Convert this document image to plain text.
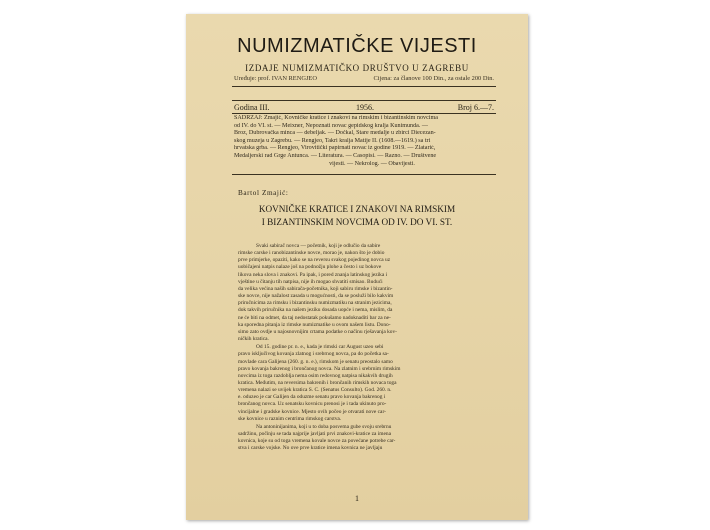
NUMIZMATIČKE VIJESTI
IZDAJE NUMIZMATIČKO DRUŠTVO U ZAGREBU
Uređuje: prof. IVAN RENGJEO	Cijena: za članove 100 Din., za ostale 200 Din.
Godina III.	1956.	Broj 6.—7.
SADRŽAJ: Zmajić, Kovničke kratice i znakovi na rimskim i bizantinskim novcima
od IV. do VI. st. — Meixner, Nepoznati novac gepidskog kralja Kunimunda. —
Broz, Dubrovačka minca — debeljak. — Dočkal, Stare medalje u zbirci Diecezan-
skog muzeja u Zagrebu. — Rengjeo, Takri kralja Matije II. (1608.—1619.) sa tri
hrvatska grba. — Rengjeo, Virovitički papirnati novac iz godine 1919. — Zlatarić,
Medaljerski rad Grge Antunca. — Literatura. — Časopisi. — Razno. — Društvene
vijesti. — Nekrolog. — Obavijesti.
Bartol Zmajić:
KOVNIČKE KRATICE I ZNAKOVI NA RIMSKIM
I BIZANTINSKIM NOVCIMA OD IV. DO VI. ST.
Svaki sabirač novca — početnik, koji je odlučio da sabire
rimske carske i ranobizantinske novce, morao je, nakon što je dobio
prve primjerke, opaziti, kako se na reversu svakog pojedinog novca uz
uobičajeni natpis nalaze još na podnožju plohe a često i uz bokove
likova neka slova i znakovi. Pa ipak, i pored znanja latinskog jezika i
vještine u čitanju tih natpisa, nije ih mogao shvatiti smisao. Budući
da velika većina naših sabirača-početnika, koji sabiru rimske i bizantin-
ske novce, nije nažalost zasada u mogućnosti, da se posluži bilo kakvim
priručnicima za rimsku i bizantinsku numizmatiku na stranim jezicima,
dok takvih priručnika na našem jeziku dosada uopće i nema, mislim, da
ne će biti na odmet, da taj nedostatak pokušamo nadoknaditi bar za ne-
ka sporedna pitanja iz rimske numizmatike u ovom našem listu. Dono-
simo zato ovdje u najosnovnijim crtama podatke o načinu rješavanja kov-
ničkih kratica.
Od 15. godine pr. n. e., kada je rimski car August uzeo sebi
pravo isključivog kovanja zlatnog i srebrnog novca, pa do početka sa-
movlade cara Galijena (260. g. n. e.), rimskom je senatu preostalo samo
pravo kovanja bakrenog i brončanog novca. Na zlatnim i srebrnim rimskim
novcima iz toga razdoblja nema osim redovnog natpisa nikakvih drugih
kratica. Međutim, na reversima bakrenih i brončanih rimskih novaca toga
vremena nalazi se uvijek kratica S. C. (Senatus Consulto). God. 260. n.
e. oduzeo je car Galijen da oduzme senatu pravo kovanja bakrenog i
brončanog novca. Uz senatsku kovnicu prenosi je i tada ukinuto pro-
vincijalne i gradske kovnice. Mjesto ovih počeo je otvarati nove car-
ske kovnice u raznim centrima rimskog carstva.
Na antoninijanima, koji u to doba posvema gube svoju srebrnu
sadržinu, počinju se tada najprije javljati prvi znakovi-kratice za imena
kovnica, koje su od toga vremena kovale novce za povećane potrebe car-
stva i carske vojske. No ove prve kratice imena kovnica ne javljaju
1
